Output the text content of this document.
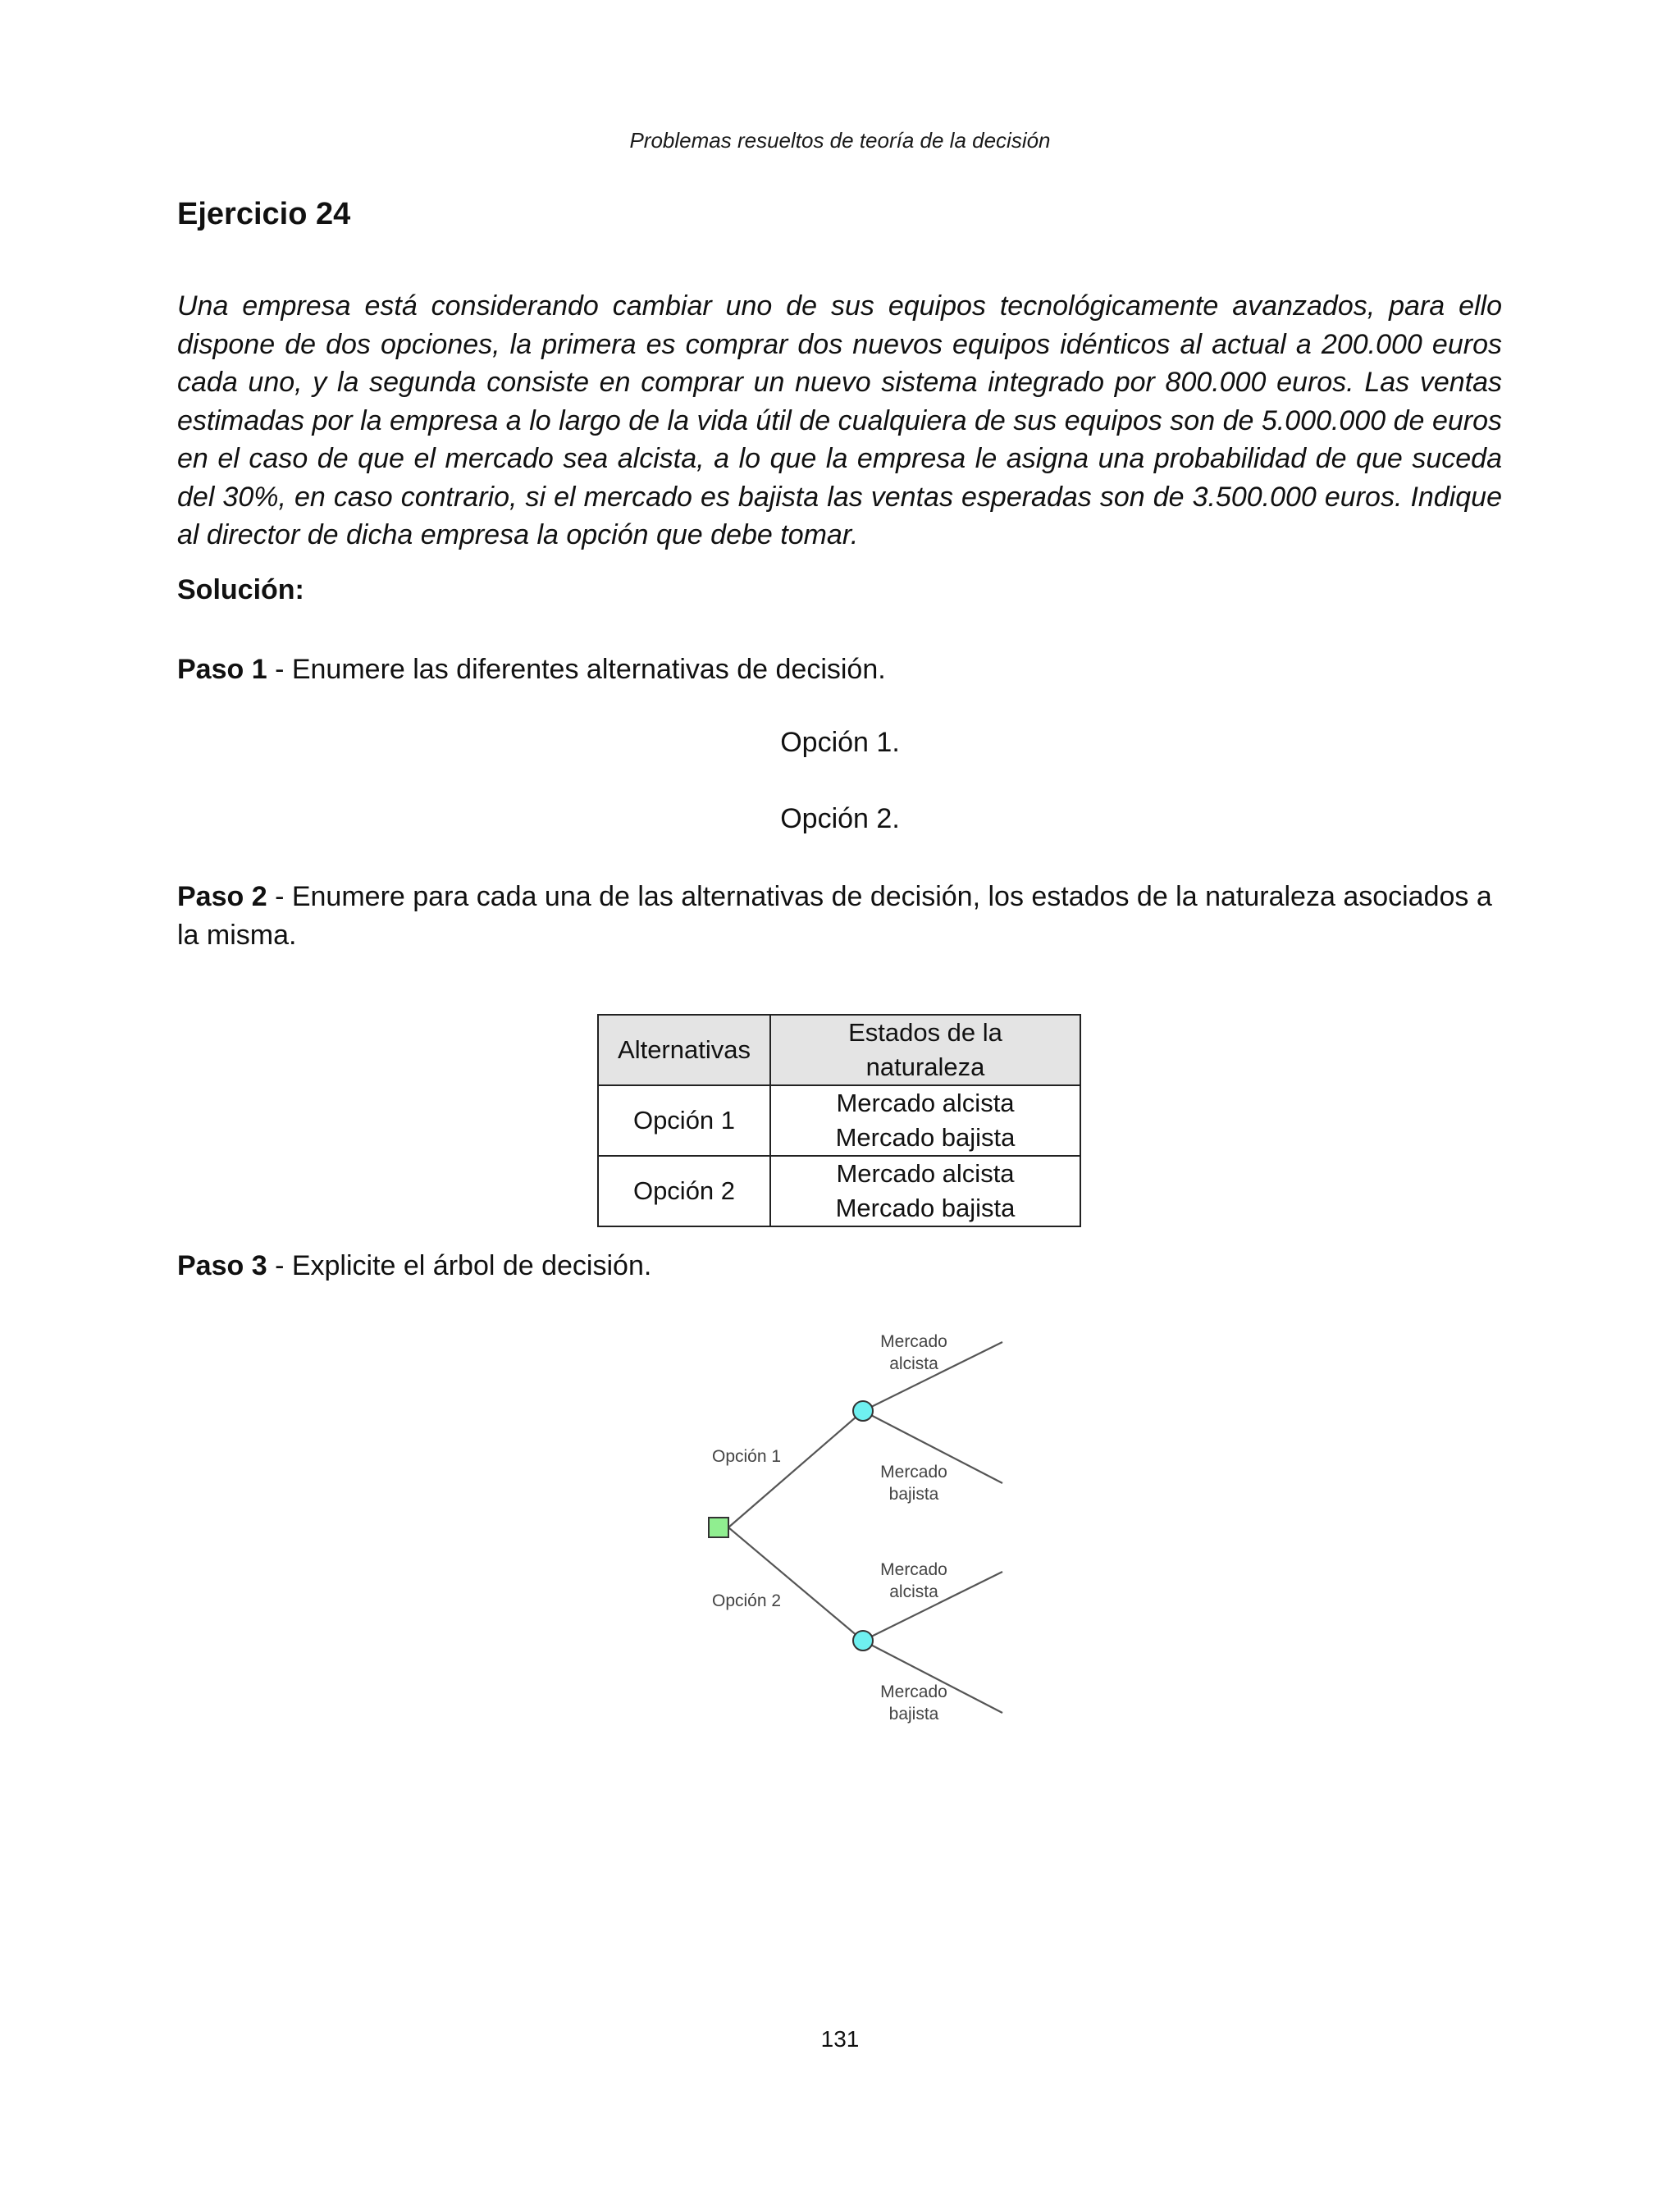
Problemas resueltos de teoría de la decisión
Ejercicio 24

Una empresa está considerando cambiar uno de sus equipos tecnológicamente avanzados, para ello dispone de dos opciones, la primera es comprar dos nuevos equipos idénticos al actual a 200.000 euros cada uno, y la segunda consiste en comprar un nuevo sistema integrado por 800.000 euros. Las ventas estimadas por la empresa a lo largo de la vida útil de cualquiera de sus equipos son de 5.000.000 de euros en el caso de que el mercado sea alcista, a lo que la empresa le asigna una probabilidad de que suceda del 30%, en caso contrario, si el mercado es bajista las ventas esperadas son de 3.500.000 euros. Indique al director de dicha empresa la opción que debe tomar.

Solución:

Paso 1 - Enumere las diferentes alternativas de decisión.

Opción 1.
Opción 2.

Paso 2 - Enumere para cada una de las alternativas de decisión, los estados de la naturaleza asociados a la misma.

Alternativas	Estados de la naturaleza
Opción 1	Mercado alcista
Mercado bajista

Opción 2	Mercado alcista
Mercado bajista

Paso 3 - Explicite el árbol de decisión.

Opción 1
Opción 2
Mercado
alcista
Mercado
bajista
Mercado
alcista
Mercado
bajista
131
